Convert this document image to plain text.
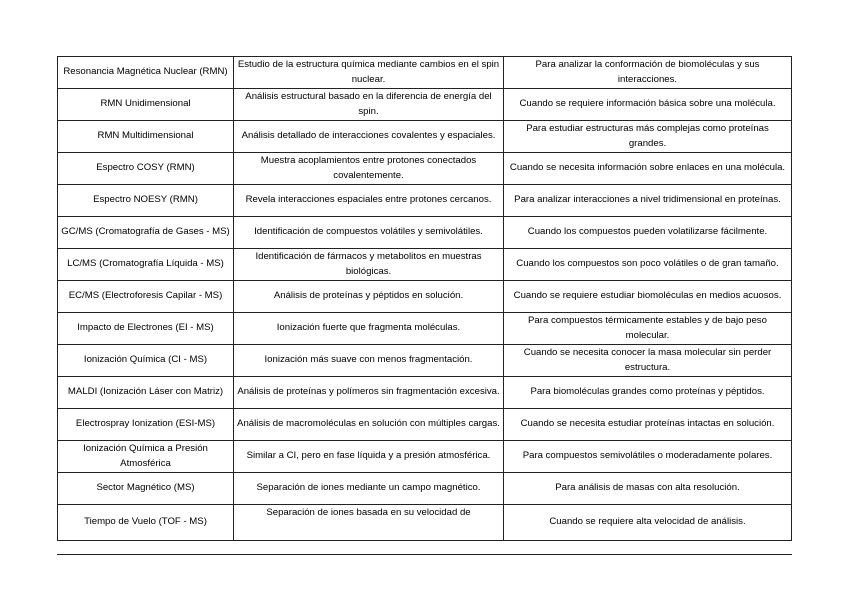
Resonancia Magnética Nuclear (RMN)	Estudio de la estructura química mediante cambios en el spin nuclear.	Para analizar la conformación de biomoléculas y sus interacciones.

RMN Unidimensional	Análisis estructural basado en la diferencia de energía del spin.	Cuando se requiere información básica sobre una molécula.

RMN Multidimensional	Análisis detallado de interacciones covalentes y espaciales.	Para estudiar estructuras más complejas como proteínas grandes.

Espectro COSY (RMN)	Muestra acoplamientos entre protones conectados covalentemente.	Cuando se necesita información sobre enlaces en una molécula.

Espectro NOESY (RMN)	Revela interacciones espaciales entre protones cercanos.	Para analizar interacciones a nivel tridimensional en proteínas.

GC/MS (Cromatografía de Gases - MS)	Identificación de compuestos volátiles y semivolátiles.	Cuando los compuestos pueden volatilizarse fácilmente.

LC/MS (Cromatografía Líquida - MS)	Identificación de fármacos y metabolitos en muestras biológicas.	Cuando los compuestos son poco volátiles o de gran tamaño.

EC/MS (Electroforesis Capilar - MS)	Análisis de proteínas y péptidos en solución.	Cuando se requiere estudiar biomoléculas en medios acuosos.

Impacto de Electrones (EI - MS)	Ionización fuerte que fragmenta moléculas.	Para compuestos térmicamente estables y de bajo peso molecular.

Ionización Química (CI - MS)	Ionización más suave con menos fragmentación.	Cuando se necesita conocer la masa molecular sin perder estructura.

MALDI (Ionización Láser con Matriz)	Análisis de proteínas y polímeros sin fragmentación excesiva.	Para biomoléculas grandes como proteínas y péptidos.

Electrospray Ionization (ESI-MS)	Análisis de macromoléculas en solución con múltiples cargas.	Cuando se necesita estudiar proteínas intactas en solución.

Ionización Química a Presión Atmosférica	Similar a CI, pero en fase líquida y a presión atmosférica.	Para compuestos semivolátiles o moderadamente polares.

Sector Magnético (MS)	Separación de iones mediante un campo magnético.	Para análisis de masas con alta resolución.

Tiempo de Vuelo (TOF - MS)	Separación de iones basada en su velocidad de	Cuando se requiere alta velocidad de análisis.
